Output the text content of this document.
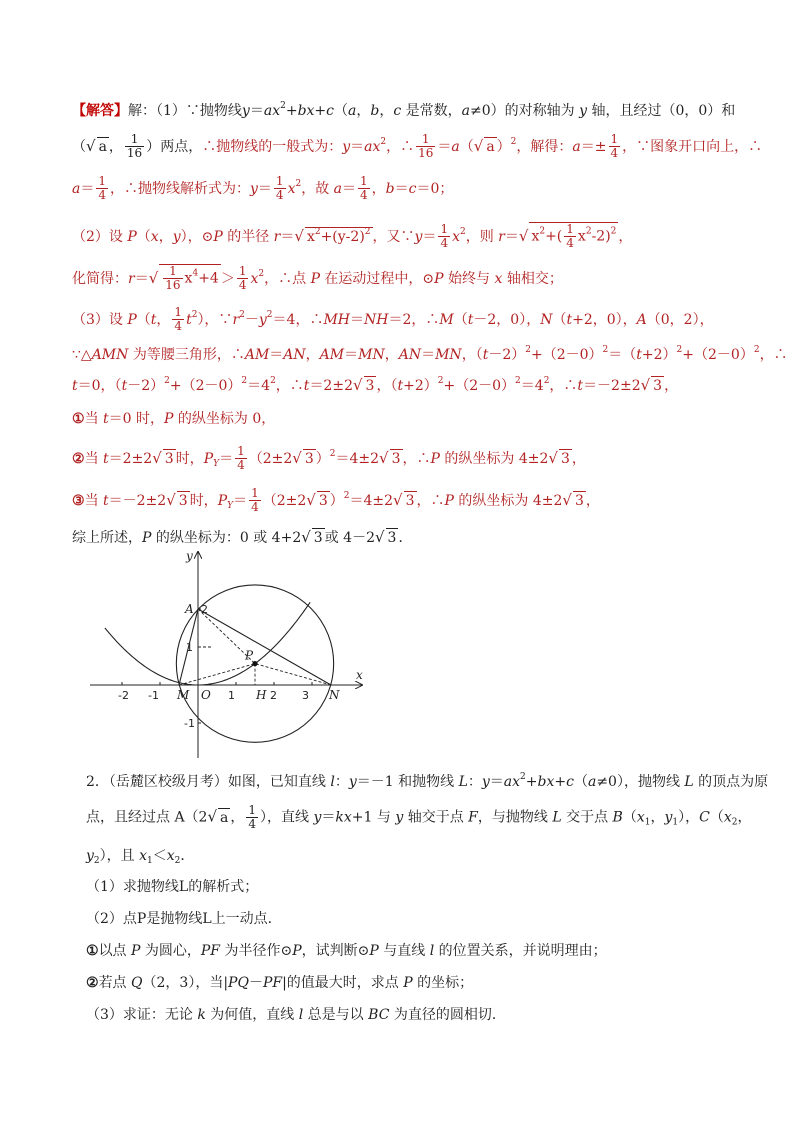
【解答】解：（1）∵抛物线$y=ax^2+bx+c(a$，b，c 是常数，a≠0）的对称轴为 y 轴，且经过（0，0）和
（√ a ， $\frac{1}{16}$ ）两点，∴抛物线的一般式为：$y=ax^2$，∴ $\frac{1}{16} =a(√$ a ）$^2$，解得：$a=\pm \frac{1}{4}$ ，∵图象开口向上，∴
$a= \frac{1}{4}$ ，∴抛物线解析式为：$y= \frac{1}{4} x^2$，故 $a= \frac{1}{4}$ ，b＝c＝0；
（2）设 P（x，y），⊙P 的半径 r＝√ $x^2+(y-2)^2$ ，又∵y＝ $\frac{1}{4} x^2$，则 r＝√ $x^2+( \frac{1}{4} x^2-2)^2$ ，
化简得：$r=√ \frac{1}{16} x^4+4 > \frac{1}{4} x^2$，∴点 P 在运动过程中，⊙P 始终与 x 轴相交；
（3）设 P（t， $\frac{1}{4} t^2$），$\because r^2-y^2=4$，∴MH＝NH＝2，∴M（t－2，0），N（t+2，0），A（0，2），
∵△AMN 为等腰三角形，∴AM＝AN，AM＝MN，AN＝MN，$(t-2)^2+(2-0)^2=(t+2)^2+(2-0)^2$，∴
t＝0，$(t-2)^2+(2-0)^2=4^2$，∴t＝2±2√ 3 ，$(t+2)^2+(2-0)^2=4^2$，∴t＝－2±2√ 3 ，
①当 t＝0 时，P 的纵坐标为 0，
②当 t＝2±2√ 3 时，$P_Y= \frac{1}{4} (2\pm 2√$ 3 ）$^2$＝4±2√ 3 ，∴P 的纵坐标为 4±2√ 3 ，
③当 t＝－2±2√ 3 时，$P_Y= \frac{1}{4} (2\pm 2√$ 3 ）$^2$＝4±2√ 3 ，∴P 的纵坐标为 4±2√ 3 ，
综上所述，P 的纵坐标为：0 或 4+2√ 3 或 4－2√ 3 ．
x
y
A
P
M	N
O	H
-2 -1	1	2 3
2
1
-1
2．（岳麓区校级月考）如图，已知直线 l：y＝－1 和抛物线 L：$y=ax^2+bx+c(a\ne 0)$，抛物线 L 的顶点为原
点，且经过点 A（2√ a ， $\frac{1}{4}$ ），直线 y＝kx+1 与 y 轴交于点 F，与抛物线 L 交于点 $B(x_1$，$y_1$），$C(x_2$，
$y_2$），且 $x_1<x_2$．
（1）求抛物线L的解析式；
（2）点P是抛物线L上一动点．
①以点 P 为圆心，PF 为半径作⊙P，试判断⊙P 与直线 l 的位置关系，并说明理由；
②若点 Q（2，3），当|PQ－PF|的值最大时，求点 P 的坐标；
（3）求证：无论 k 为何值，直线 l 总是与以 BC 为直径的圆相切．
